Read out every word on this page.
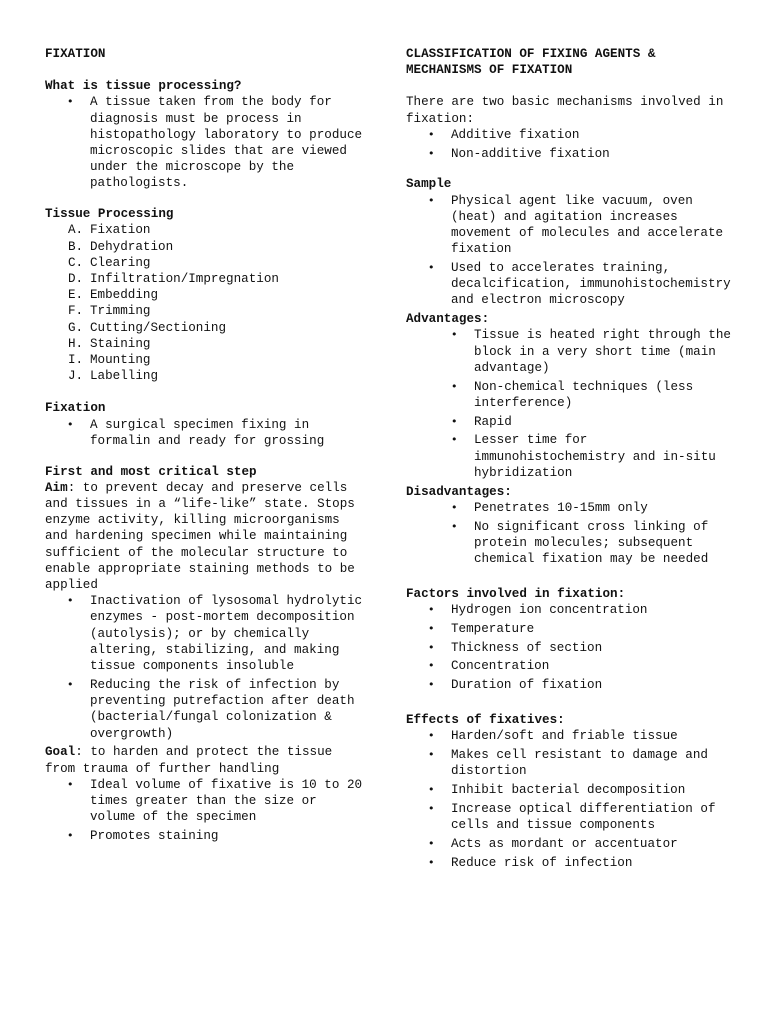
FIXATION

What is tissue processing?

• A tissue taken from the body for diagnosis must be process in histopathology laboratory to produce microscopic slides that are viewed under the microscope by the pathologists.

Tissue Processing

A. Fixation
B. Dehydration
C. Clearing
D. Infiltration/Impregnation
E. Embedding
F. Trimming
G. Cutting/Sectioning
H. Staining
I. Mounting
J. Labelling

Fixation

• A surgical specimen fixing in formalin and ready for grossing

First and most critical step

Aim: to prevent decay and preserve cells and tissues in a “life-like” state. Stops enzyme activity, killing microorganisms and hardening specimen while maintaining sufficient of the molecular structure to enable appropriate staining methods to be applied

• Inactivation of lysosomal hydrolytic enzymes - post-mortem decomposition (autolysis); or by chemically altering, stabilizing, and making tissue components insoluble
• Reducing the risk of infection by preventing putrefaction after death (bacterial/fungal colonization & overgrowth)

Goal: to harden and protect the tissue from trauma of further handling

• Ideal volume of fixative is 10 to 20 times greater than the size or volume of the specimen
• Promotes staining

CLASSIFICATION OF FIXING AGENTS & MECHANISMS OF FIXATION

There are two basic mechanisms involved in fixation:

• Additive fixation
• Non-additive fixation

Sample

• Physical agent like vacuum, oven (heat) and agitation increases movement of molecules and accelerate fixation
• Used to accelerates training, decalcification, immunohistochemistry and electron microscopy

Advantages:

• Tissue is heated right through the block in a very short time (main advantage)
• Non-chemical techniques (less interference)
• Rapid
• Lesser time for immunohistochemistry and in-situ hybridization

Disadvantages:

• Penetrates 10-15mm only
• No significant cross linking of protein molecules; subsequent chemical fixation may be needed

Factors involved in fixation:

• Hydrogen ion concentration
• Temperature
• Thickness of section
• Concentration
• Duration of fixation

Effects of fixatives:

• Harden/soft and friable tissue
• Makes cell resistant to damage and distortion
• Inhibit bacterial decomposition
• Increase optical differentiation of cells and tissue components
• Acts as mordant or accentuator
• Reduce risk of infection
